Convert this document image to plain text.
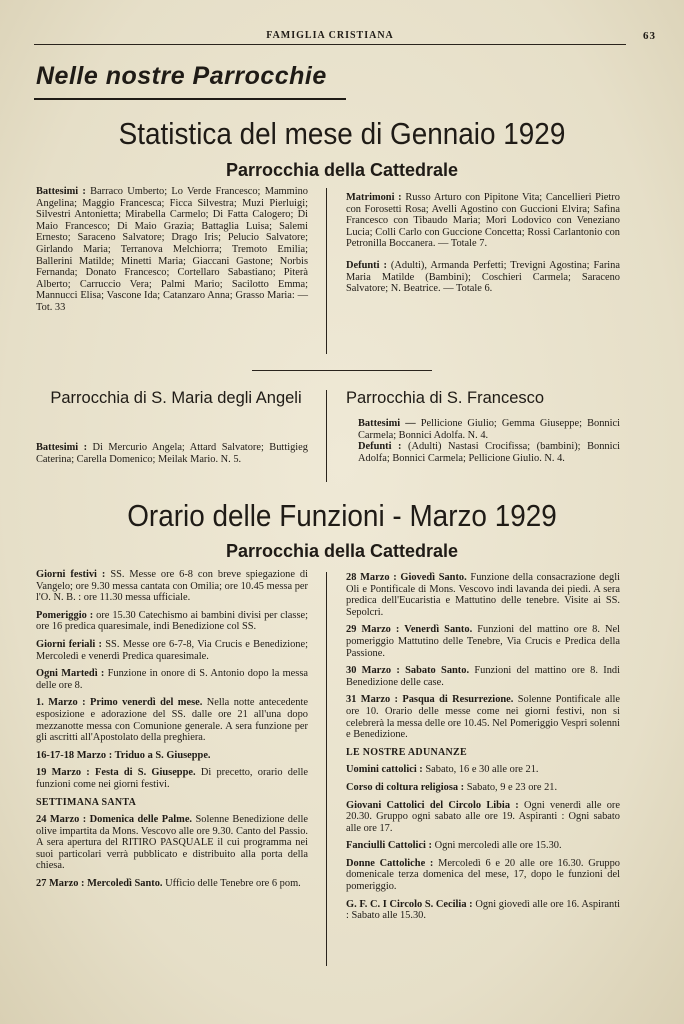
FAMIGLIA CRISTIANA	63
Nelle nostre Parrocchie
Statistica del mese di Gennaio 1929
Parrocchia della Cattedrale
Battesimi : Barraco Umberto; Lo Verde Francesco; Mammino Angelina; Maggio Francesca; Ficca Silvestra; Muzi Pierluigi; Silvestri Antonietta; Mirabella Carmelo; Di Fatta Calogero; Di Maio Francesco; Di Maio Grazia; Battaglia Luisa; Salemi Ernesto; Saraceno Salvatore; Drago Iris; Pelucio Salvatore; Girlando Maria; Terranova Melchiorra; Tremoto Emilia; Ballerini Matilde; Minetti Maria; Giaccani Gastone; Norbis Fernanda; Donato Francesco; Cortellaro Sabastiano; Piterà Alberto; Carruccio Vera; Palmi Mario; Sacilotto Emma; Mannucci Elisa; Vascone Ida; Catanzaro Anna; Grasso Maria: — Tot. 33

Matrimoni : Russo Arturo con Pipitone Vita; Cancellieri Pietro con Forosetti Rosa; Avelli Agostino con Guccioni Elvira; Safina Francesco con Tibaudo Maria; Mori Lodovico con Veneziano Lucia; Colli Carlo con Guccione Concetta; Rossi Carlantonio con Petronilla Boccanera. — Totale 7.

Defunti : (Adulti), Armanda Perfetti; Trevigni Agostina; Farina Maria Matilde (Bambini); Coschieri Carmela; Saraceno Salvatore; N. Beatrice. — Totale 6.

Parrocchia di S. Maria degli Angeli
Battesimi : Di Mercurio Angela; Attard Salvatore; Buttigieg Caterina; Carella Domenico; Meilak Mario. N. 5.
Parrocchia di S. Francesco

Battesimi — Pellicione Giulio; Gemma Giuseppe; Bonnici Carmela; Bonnici Adolfa. N. 4.

Defunti : (Adulti) Nastasi Crocifissa; (bambini); Bonnici Adolfa; Bonnici Carmela; Pellicione Giulio. N. 4.

Orario delle Funzioni - Marzo 1929
Parrocchia della Cattedrale

Giorni festivi : SS. Messe ore 6-8 con breve spiegazione di Vangelo; ore 9.30 messa cantata con Omilia; ore 10.45 messa per l'O. N. B. : ore 11.30 messa ufficiale.

Pomeriggio : ore 15.30 Catechismo ai bambini divisi per classe; ore 16 predica quaresimale, indi Benedizione col SS.

Giorni feriali : SS. Messe ore 6-7-8, Via Crucis e Benedizione; Mercoledì e venerdì Predica quaresimale.

Ogni Martedì : Funzione in onore di S. Antonio dopo la messa delle ore 8.

1. Marzo : Primo venerdì del mese. Nella notte antecedente esposizione e adorazione del SS. dalle ore 21 all'una dopo mezzanotte messa con Comunione generale. A sera funzione per gli ascritti all'Apostolato della preghiera.

16-17-18 Marzo : Triduo a S. Giuseppe.

19 Marzo : Festa di S. Giuseppe. Di precetto, orario delle funzioni come nei giorni festivi.

SETTIMANA SANTA

24 Marzo : Domenica delle Palme. Solenne Benedizione delle olive impartita da Mons. Vescovo alle ore 9.30. Canto del Passio. A sera apertura del RITIRO PASQUALE il cui programma nei suoi particolari verrà pubblicato e distribuito alla porta della chiesa.

27 Marzo : Mercoledì Santo. Ufficio delle Tenebre ore 6 pom.

28 Marzo : Giovedì Santo. Funzione della consacrazione degli Oli e Pontificale di Mons. Vescovo indi lavanda dei piedi. A sera predica dell'Eucaristia e Mattutino delle tenebre. Visite ai SS. Sepolcri.

29 Marzo : Venerdì Santo. Funzioni del mattino ore 8. Nel pomeriggio Mattutino delle Tenebre, Via Crucis e Predica della Passione.

30 Marzo : Sabato Santo. Funzioni del mattino ore 8. Indi Benedizione delle case.

31 Marzo : Pasqua di Resurrezione. Solenne Pontificale alle ore 10. Orario delle messe come nei giorni festivi, non si celebrerà la messa delle ore 10.45. Nel Pomeriggio Vespri solenni e Benedizione.

LE NOSTRE ADUNANZE

Uomini cattolici : Sabato, 16 e 30 alle ore 21.

Corso di coltura religiosa : Sabato, 9 e 23 ore 21.

Giovani Cattolici del Circolo Libia : Ogni venerdì alle ore 20.30. Gruppo ogni sabato alle ore 19. Aspiranti : Ogni sabato alle ore 17.

Fanciulli Cattolici : Ogni mercoledì alle ore 15.30.

Donne Cattoliche : Mercoledì 6 e 20 alle ore 16.30. Gruppo domenicale terza domenica del mese, 17, dopo le funzioni del pomeriggio.

G. F. C. I Circolo S. Cecilia : Ogni giovedì alle ore 16. Aspiranti : Sabato alle 15.30.
